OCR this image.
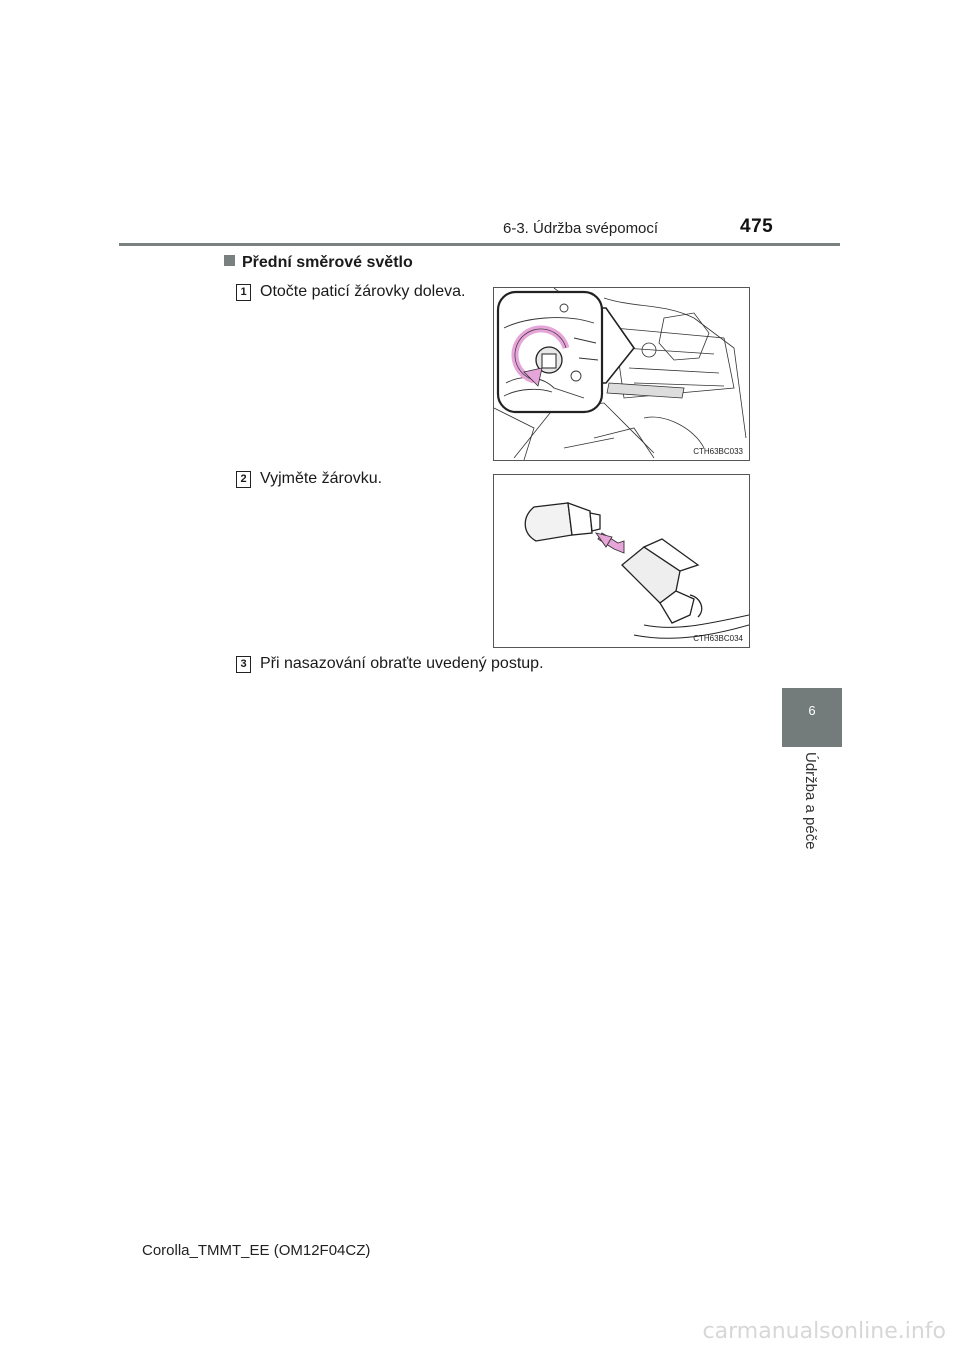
6-3. Údržba svépomocí	475
6
Údržba a péče
Přední směrové světlo
1 Otočte paticí žárovky doleva.
CTH63BC033
2 Vyjměte žárovku.
CTH63BC034
3 Při nasazování obraťte uvedený postup.
Corolla_TMMT_EE (OM12F04CZ)
carmanualsonline.info
